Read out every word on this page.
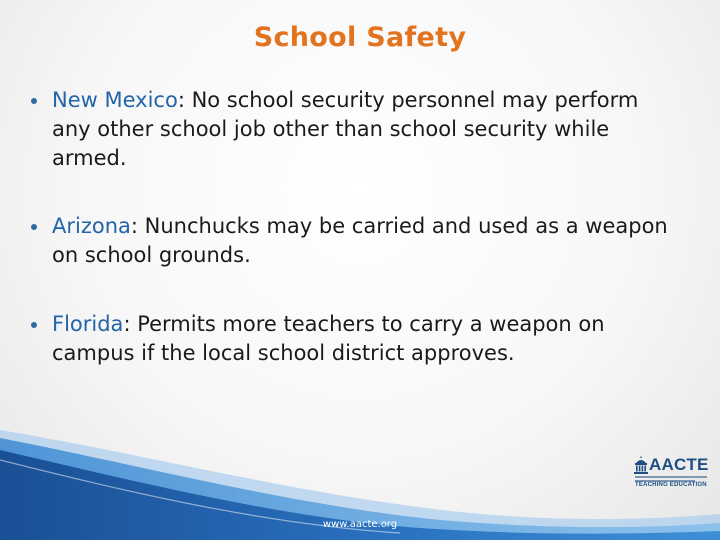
School Safety
New Mexico: No school security personnel may perform any other school job other than school security while armed.
Arizona: Nunchucks may be carried and used as a weapon on school grounds.
Florida: Permits more teachers to carry a weapon on campus if the local school district approves.
www.aacte.org
AACTE
TEACHING EDUCATION
